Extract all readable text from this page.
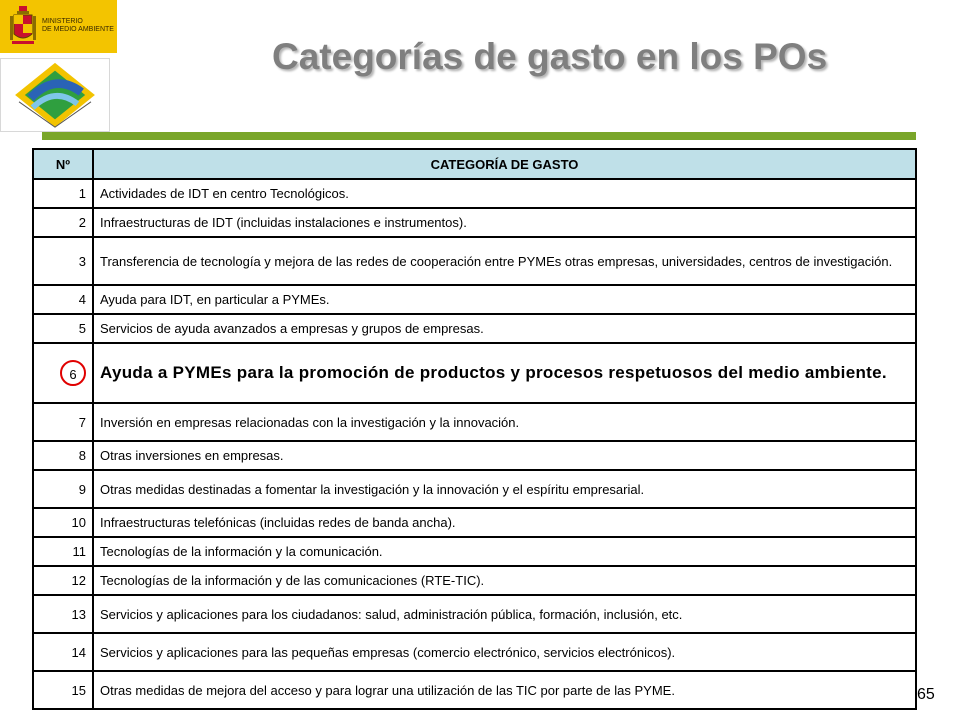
MINISTERIO
DE MEDIO AMBIENTE
Categorías de gasto en los POs
Nº	CATEGORÍA DE GASTO
1	Actividades de IDT en centro Tecnológicos.
2	Infraestructuras de IDT (incluidas instalaciones e instrumentos).
3	Transferencia de tecnología y mejora de las redes de cooperación entre PYMEs otras empresas, universidades, centros de investigación.
4	Ayuda para IDT, en particular a PYMEs.
5	Servicios de ayuda avanzados a empresas y grupos de empresas.
6	Ayuda a PYMEs para la promoción de productos y procesos respetuosos del medio ambiente.
7	Inversión en empresas relacionadas con la investigación y la innovación.
8	Otras inversiones en empresas.
9	Otras medidas destinadas a fomentar la investigación y la innovación y el espíritu empresarial.
10	Infraestructuras telefónicas (incluidas redes de banda ancha).
11	Tecnologías de la información y la comunicación.
12	Tecnologías de la información y de las comunicaciones (RTE-TIC).
13	Servicios y aplicaciones para los ciudadanos: salud, administración pública, formación, inclusión, etc.
14	Servicios y aplicaciones para las pequeñas empresas (comercio electrónico, servicios electrónicos).
15	Otras medidas de mejora del acceso y para lograr una utilización de las TIC por parte de las PYME.	65
